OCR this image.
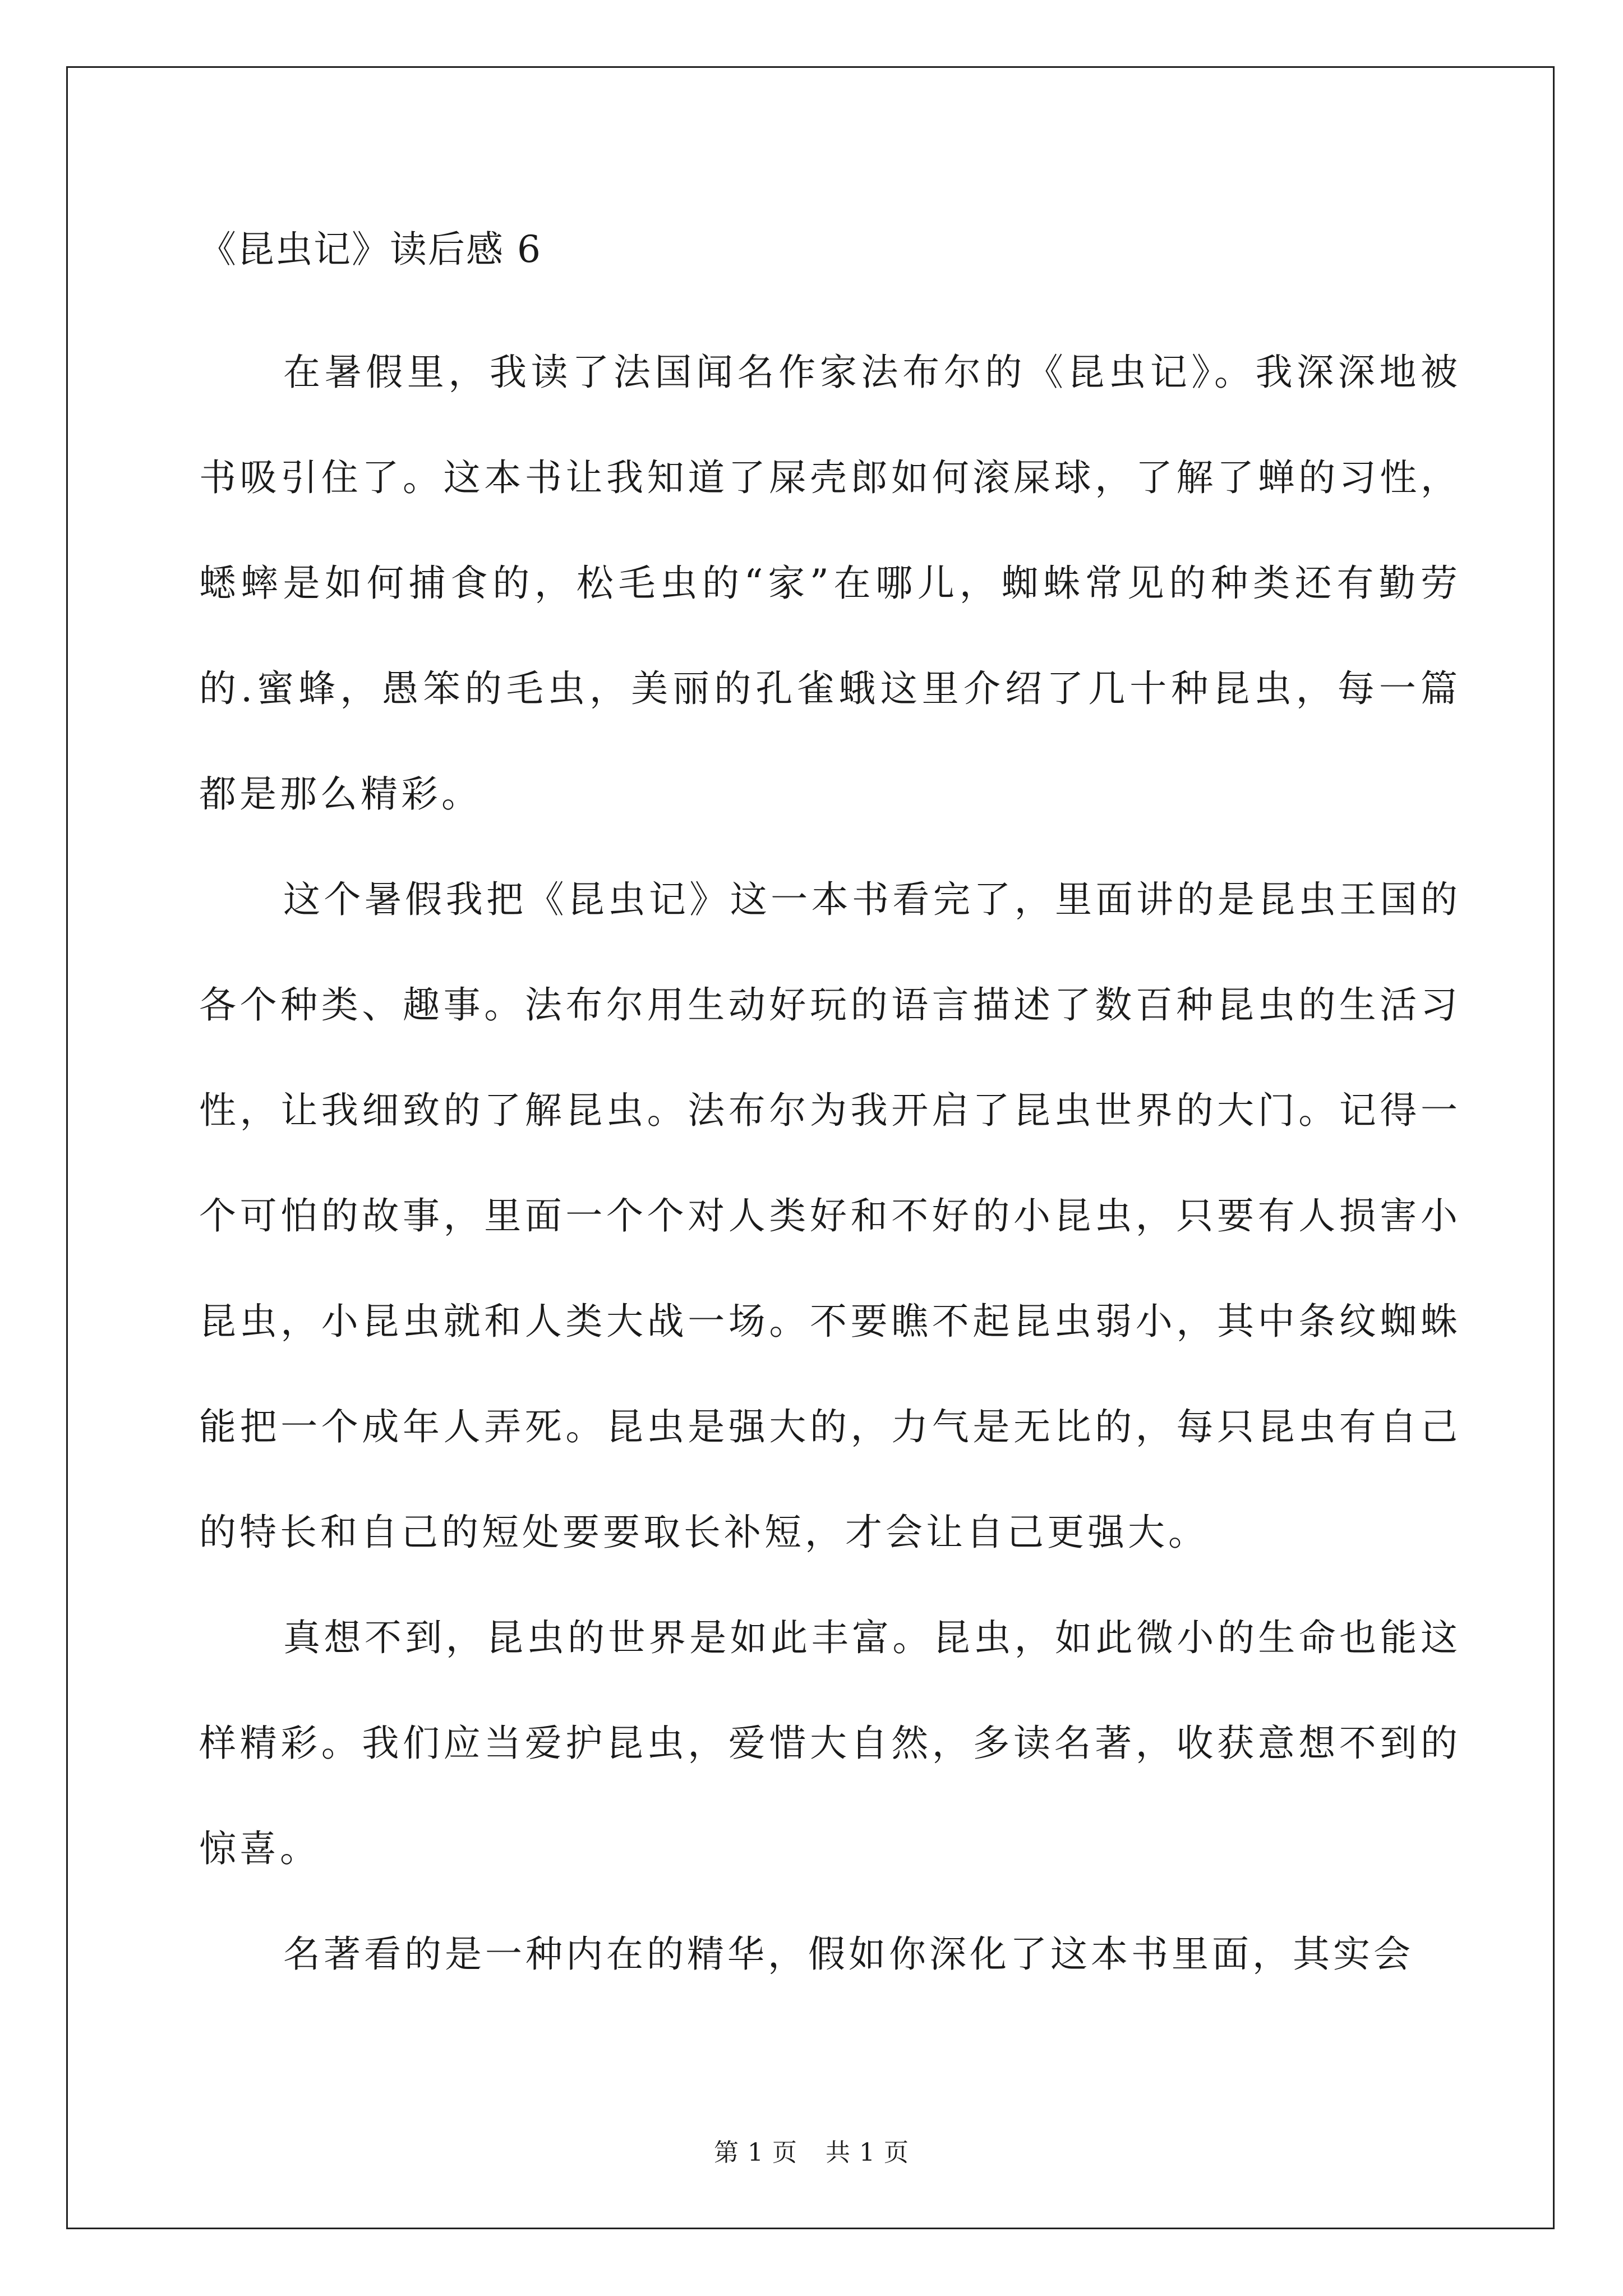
《昆虫记》读后感 6

在暑假里，我读了法国闻名作家法布尔的《昆虫记》。我深深地被书吸引住了。这本书让我知道了屎壳郎如何滚屎球，了解了蝉的习性，蟋蟀是如何捕食的，松毛虫的“家”在哪儿，蜘蛛常见的种类还有勤劳的.蜜蜂，愚笨的毛虫，美丽的孔雀蛾这里介绍了几十种昆虫，每一篇都是那么精彩。

这个暑假我把《昆虫记》这一本书看完了，里面讲的是昆虫王国的各个种类、趣事。法布尔用生动好玩的语言描述了数百种昆虫的生活习性，让我细致的了解昆虫。法布尔为我开启了昆虫世界的大门。记得一个可怕的故事，里面一个个对人类好和不好的小昆虫，只要有人损害小昆虫，小昆虫就和人类大战一场。不要瞧不起昆虫弱小，其中条纹蜘蛛能把一个成年人弄死。昆虫是强大的，力气是无比的，每只昆虫有自己的特长和自己的短处要要取长补短，才会让自己更强大。

真想不到，昆虫的世界是如此丰富。昆虫，如此微小的生命也能这样精彩。我们应当爱护昆虫，爱惜大自然，多读名著，收获意想不到的惊喜。

名著看的是一种内在的精华，假如你深化了这本书里面，其实会

第 1 页 共 1 页
